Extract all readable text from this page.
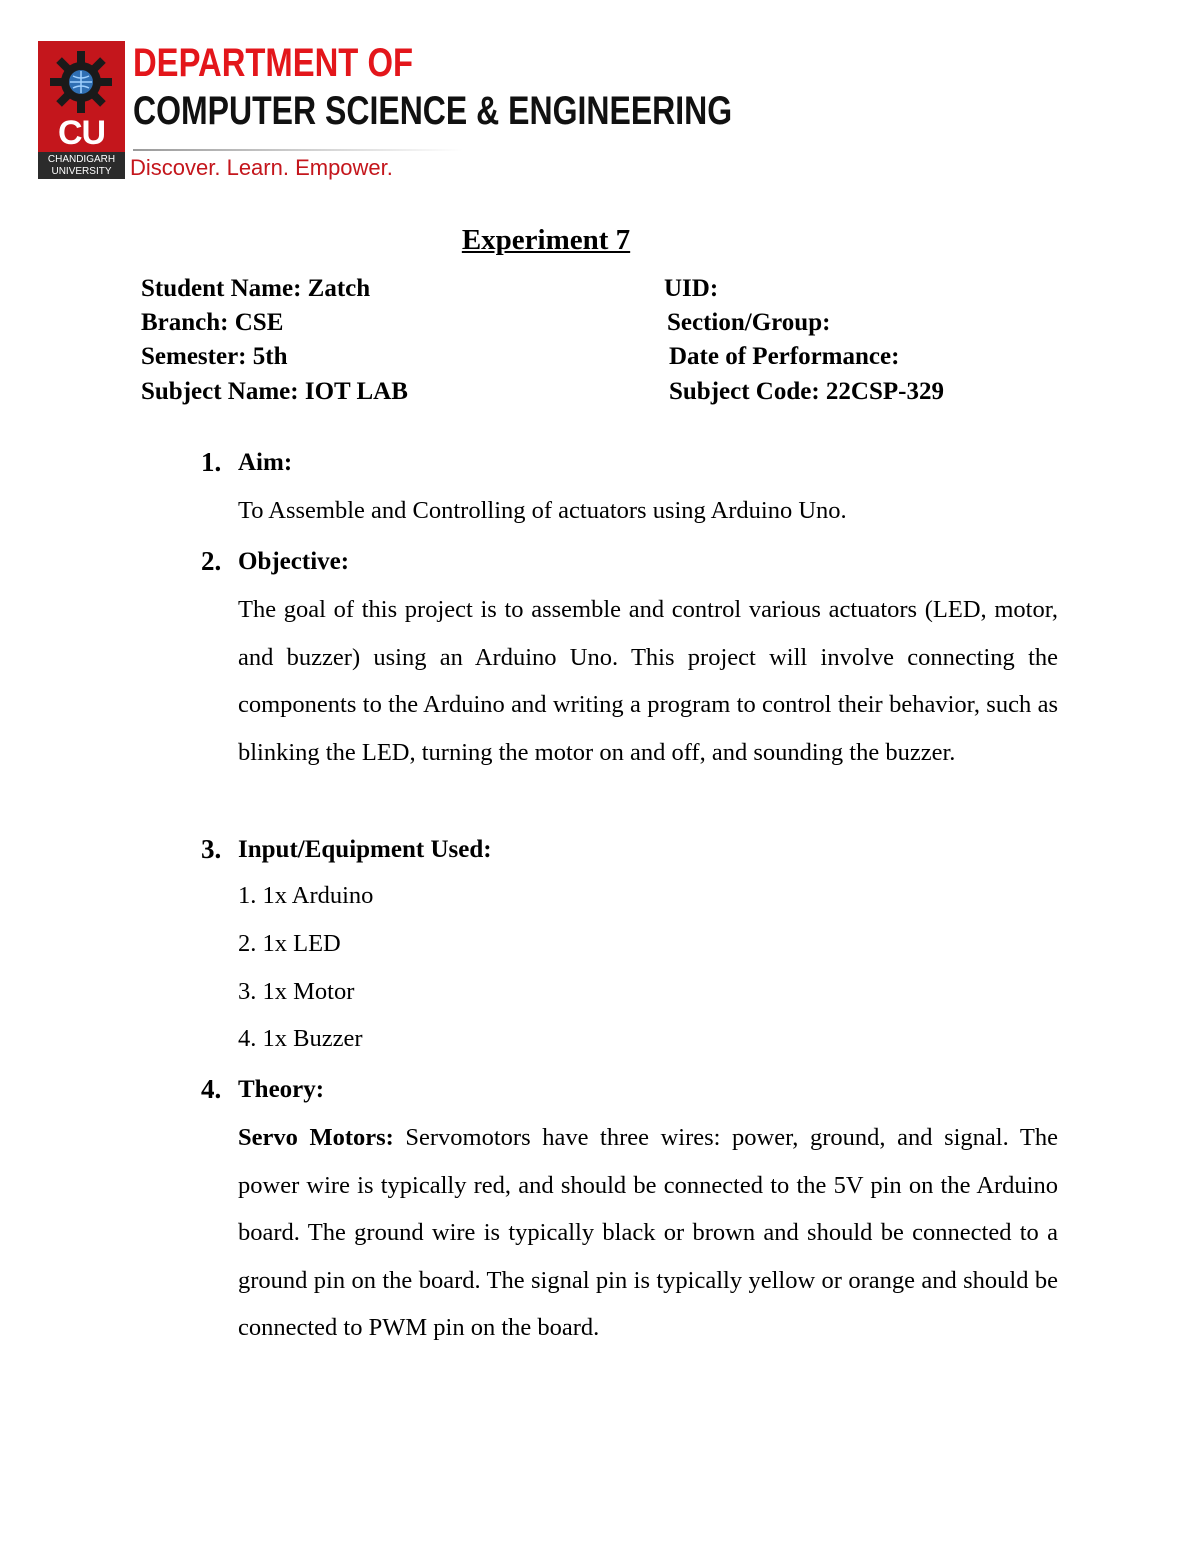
CU
CHANDIGARH
UNIVERSITY
DEPARTMENT OF
COMPUTER SCIENCE & ENGINEERING
Discover. Learn. Empower.
Experiment 7
Student Name: Zatch	UID:
Branch: CSE	Section/Group:
Semester: 5th	Date of Performance:
Subject Name: IOT LAB	Subject Code: 22CSP-329
1. Aim:
To Assemble and Controlling of actuators using Arduino Uno.
2. Objective:

The goal of this project is to assemble and control various actuators (LED, motor, and buzzer) using an Arduino Uno. This project will involve connecting the components to the Arduino and writing a program to control their behavior, such as blinking the LED, turning the motor on and off, and sounding the buzzer.

3. Input/Equipment Used:
1. 1x Arduino
2. 1x LED
3. 1x Motor
4. 1x Buzzer
4. Theory:

Servo Motors: Servomotors have three wires: power, ground, and signal. The power wire is typically red, and should be connected to the 5V pin on the Arduino board. The ground wire is typically black or brown and should be connected to a ground pin on the board. The signal pin is typically yellow or orange and should be connected to PWM pin on the board.
